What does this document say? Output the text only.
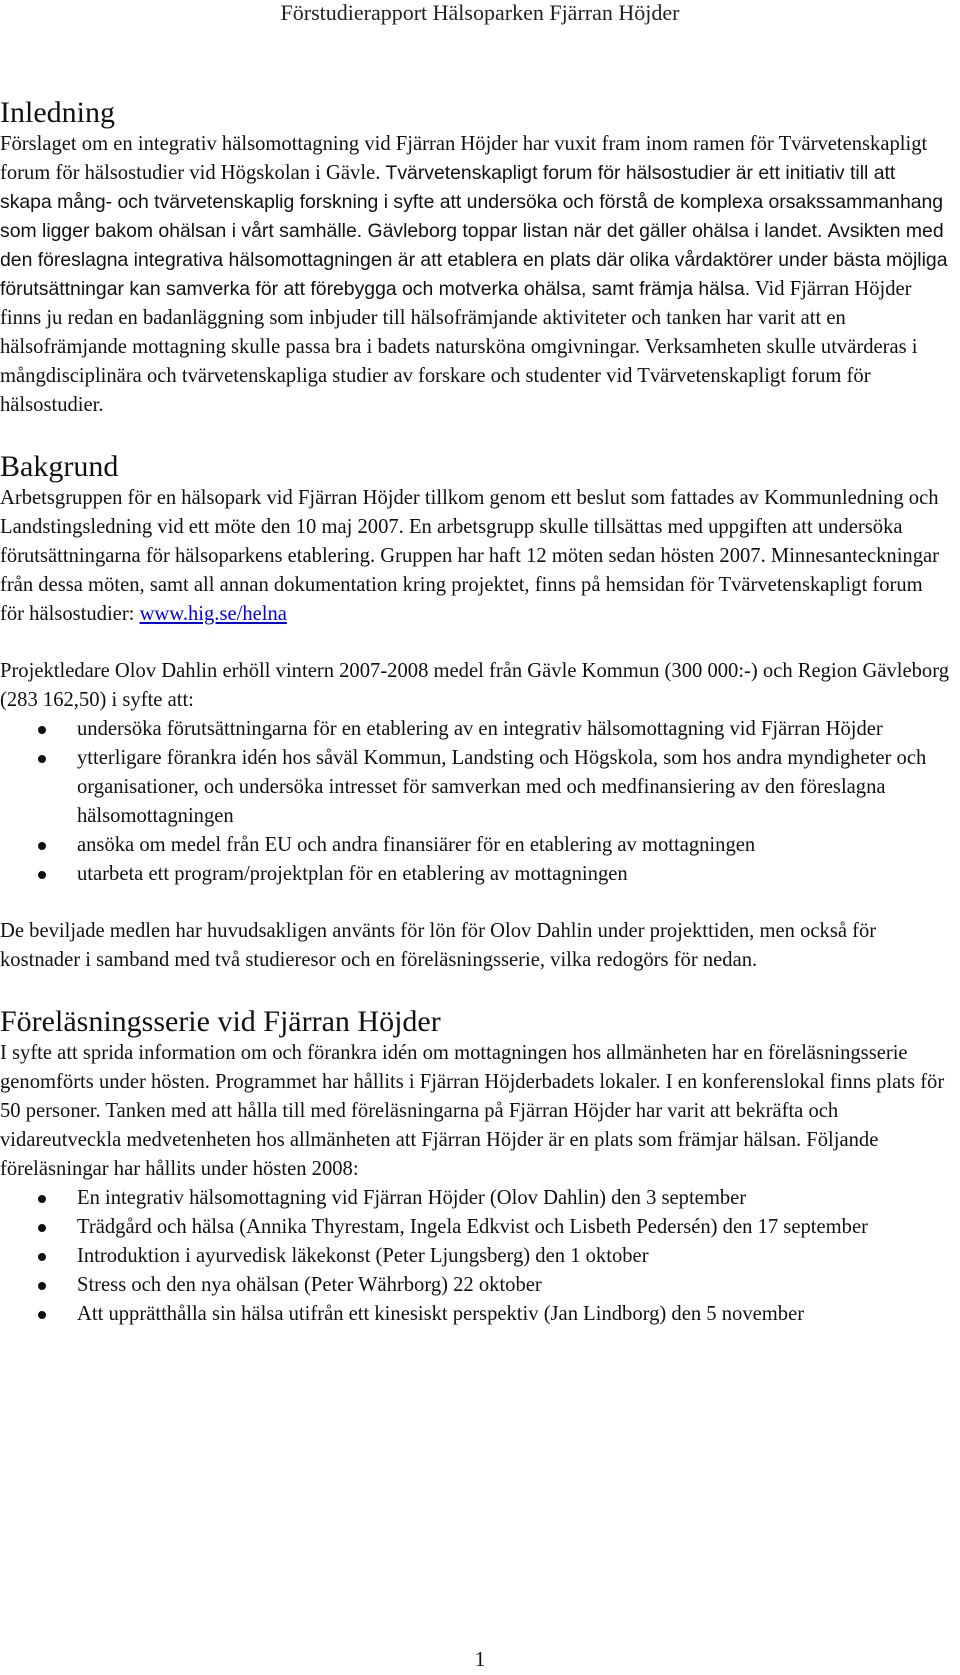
Förstudierapport Hälsoparken Fjärran Höjder
Inledning

Förslaget om en integrativ hälsomottagning vid Fjärran Höjder har vuxit fram inom ramen för Tvärvetenskapligt forum för hälsostudier vid Högskolan i Gävle. Tvärvetenskapligt forum för hälsostudier är ett initiativ till att skapa mång- och tvärvetenskaplig forskning i syfte att undersöka och förstå de komplexa orsakssammanhang som ligger bakom ohälsan i vårt samhälle. Gävleborg toppar listan när det gäller ohälsa i landet. Avsikten med den föreslagna integrativa hälsomottagningen är att etablera en plats där olika vårdaktörer under bästa möjliga förutsättningar kan samverka för att förebygga och motverka ohälsa, samt främja hälsa. Vid Fjärran Höjder finns ju redan en badanläggning som inbjuder till hälsofrämjande aktiviteter och tanken har varit att en hälsofrämjande mottagning skulle passa bra i badets natursköna omgivningar. Verksamheten skulle utvärderas i mångdisciplinära och tvärvetenskapliga studier av forskare och studenter vid Tvärvetenskapligt forum för hälsostudier.

Bakgrund

Arbetsgruppen för en hälsopark vid Fjärran Höjder tillkom genom ett beslut som fattades av Kommunledning och Landstingsledning vid ett möte den 10 maj 2007. En arbetsgrupp skulle tillsättas med uppgiften att undersöka förutsättningarna för hälsoparkens etablering. Gruppen har haft 12 möten sedan hösten 2007. Minnesanteckningar från dessa möten, samt all annan dokumentation kring projektet, finns på hemsidan för Tvärvetenskapligt forum för hälsostudier: www.hig.se/helna

Projektledare Olov Dahlin erhöll vintern 2007-2008 medel från Gävle Kommun (300 000:-) och Region Gävleborg (283 162,50) i syfte att:

undersöka förutsättningarna för en etablering av en integrativ hälsomottagning vid Fjärran Höjder
ytterligare förankra idén hos såväl Kommun, Landsting och Högskola, som hos andra myndigheter och organisationer, och undersöka intresset för samverkan med och medfinansiering av den föreslagna hälsomottagningen
ansöka om medel från EU och andra finansiärer för en etablering av mottagningen
utarbeta ett program/projektplan för en etablering av mottagningen

De beviljade medlen har huvudsakligen använts för lön för Olov Dahlin under projekttiden, men också för kostnader i samband med två studieresor och en föreläsningsserie, vilka redogörs för nedan.

Föreläsningsserie vid Fjärran Höjder

I syfte att sprida information om och förankra idén om mottagningen hos allmänheten har en föreläsningsserie genomförts under hösten. Programmet har hållits i Fjärran Höjderbadets lokaler. I en konferenslokal finns plats för 50 personer. Tanken med att hålla till med föreläsningarna på Fjärran Höjder har varit att bekräfta och vidareutveckla medvetenheten hos allmänheten att Fjärran Höjder är en plats som främjar hälsan. Följande föreläsningar har hållits under hösten 2008:

En integrativ hälsomottagning vid Fjärran Höjder (Olov Dahlin) den 3 september
Trädgård och hälsa (Annika Thyrestam, Ingela Edkvist och Lisbeth Pedersén) den 17 september
Introduktion i ayurvedisk läkekonst (Peter Ljungsberg) den 1 oktober
Stress och den nya ohälsan (Peter Währborg) 22 oktober
Att upprätthålla sin hälsa utifrån ett kinesiskt perspektiv (Jan Lindborg) den 5 november
1
